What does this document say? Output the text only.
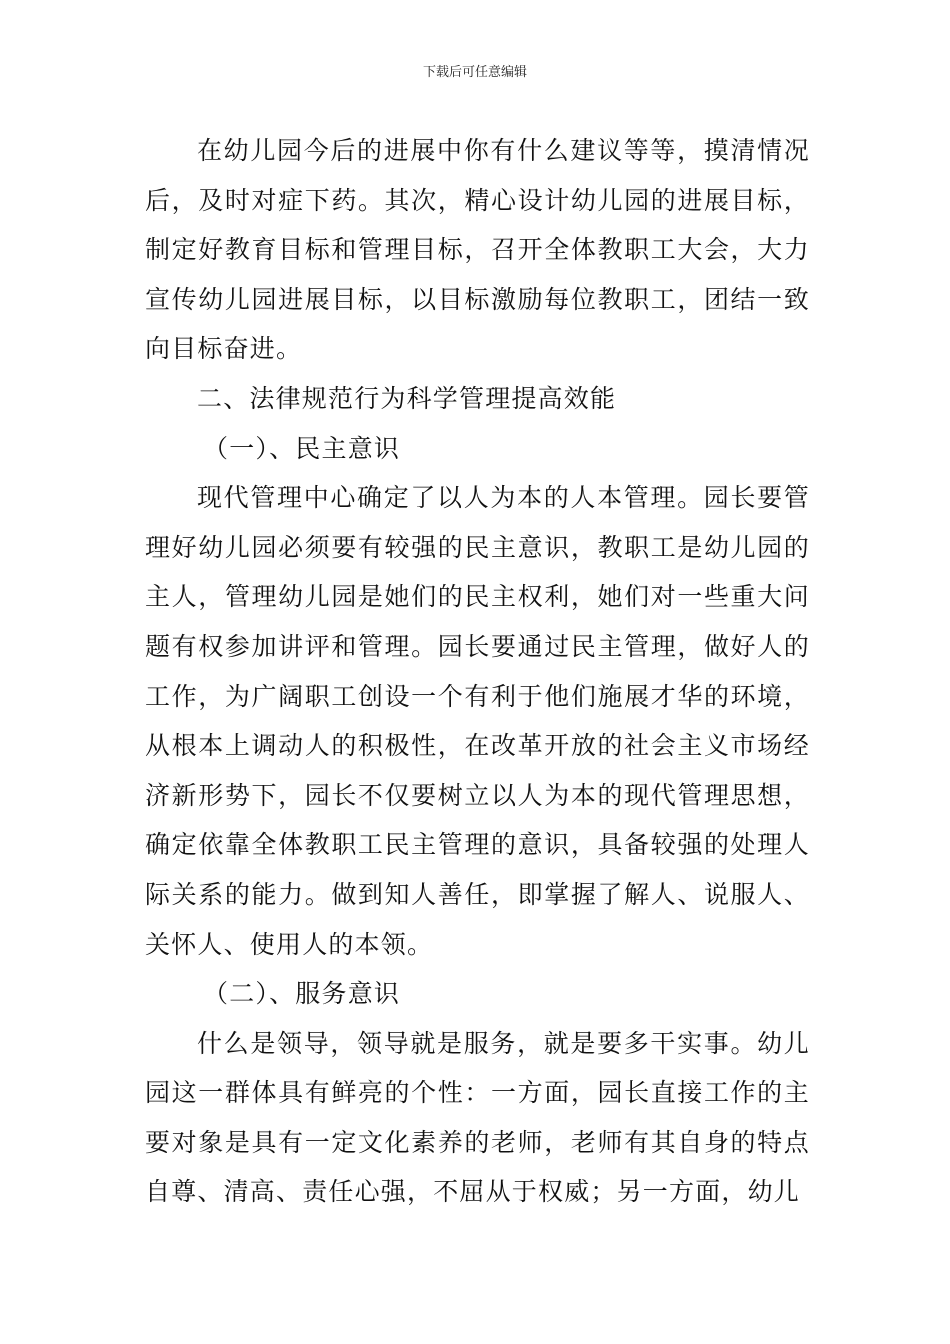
下载后可任意编辑

在幼儿园今后的进展中你有什么建议等等，摸清情况后，及时对症下药。其次，精心设计幼儿园的进展目标，制定好教育目标和管理目标，召开全体教职工大会，大力宣传幼儿园进展目标，以目标激励每位教职工，团结一致向目标奋进。

二、法律规范行为科学管理提高效能

（一）、民主意识

现代管理中心确定了以人为本的人本管理。园长要管理好幼儿园必须要有较强的民主意识，教职工是幼儿园的主人，管理幼儿园是她们的民主权利，她们对一些重大问题有权参加讲评和管理。园长要通过民主管理，做好人的工作，为广阔职工创设一个有利于他们施展才华的环境，从根本上调动人的积极性，在改革开放的社会主义市场经济新形势下，园长不仅要树立以人为本的现代管理思想，确定依靠全体教职工民主管理的意识，具备较强的处理人际关系的能力。做到知人善任，即掌握了解人、说服人、关怀人、使用人的本领。

（二）、服务意识

什么是领导，领导就是服务，就是要多干实事。幼儿园这一群体具有鲜亮的个性：一方面，园长直接工作的主要对象是具有一定文化素养的老师，老师有其自身的特点自尊、清高、责任心强，不屈从于权威；另一方面，幼儿
